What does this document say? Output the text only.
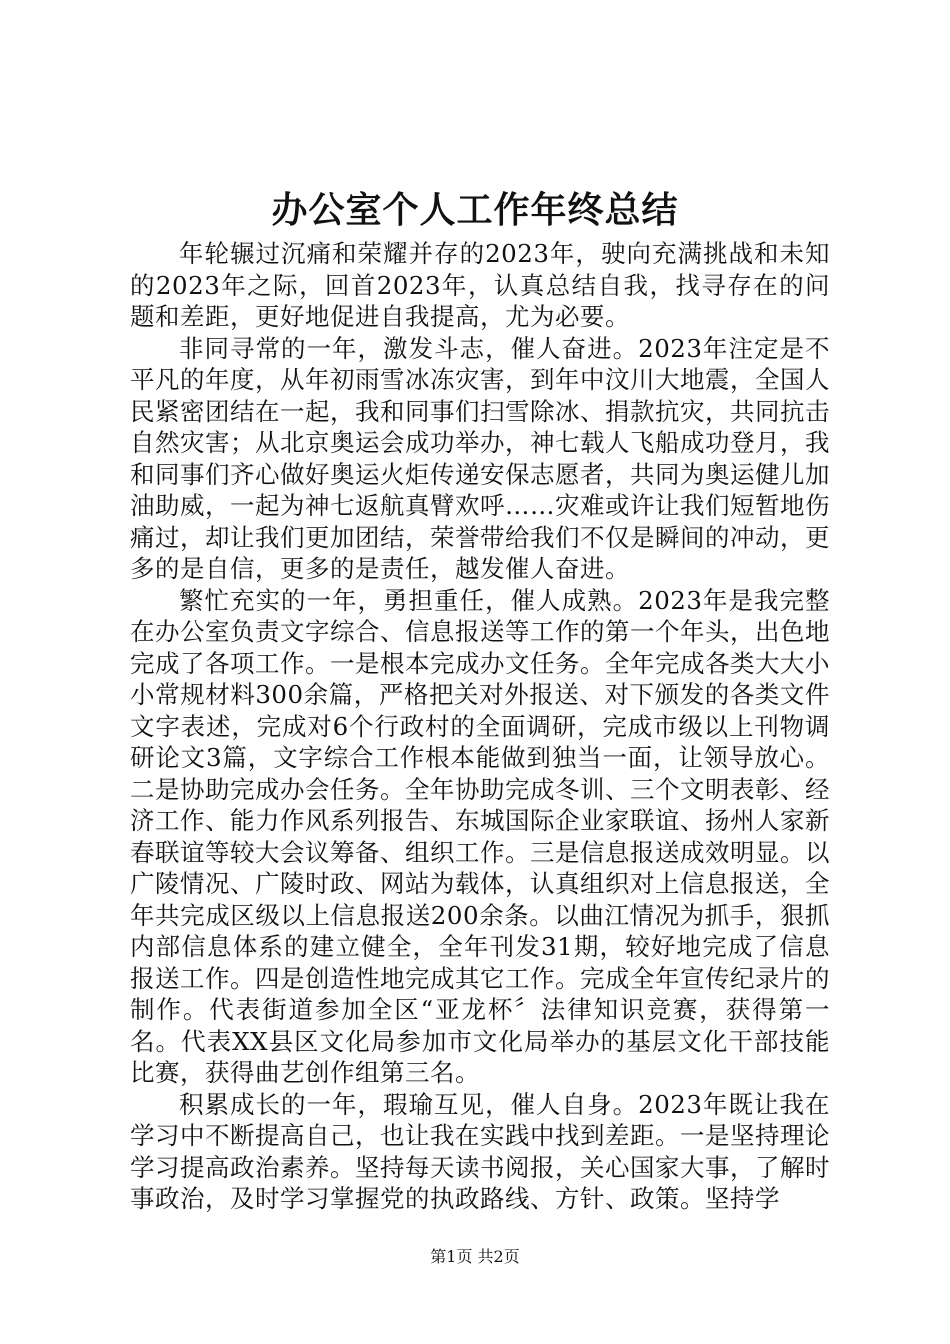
办公室个人工作年终总结

年轮辗过沉痛和荣耀并存的2023年，驶向充满挑战和未知的2023年之际，回首2023年，认真总结自我，找寻存在的问题和差距，更好地促进自我提高，尤为必要。

非同寻常的一年，激发斗志，催人奋进。2023年注定是不平凡的年度，从年初雨雪冰冻灾害，到年中汶川大地震，全国人民紧密团结在一起，我和同事们扫雪除冰、捐款抗灾，共同抗击自然灾害；从北京奥运会成功举办，神七载人飞船成功登月，我和同事们齐心做好奥运火炬传递安保志愿者，共同为奥运健儿加油助威，一起为神七返航真臂欢呼……灾难或许让我们短暂地伤痛过，却让我们更加团结，荣誉带给我们不仅是瞬间的冲动，更多的是自信，更多的是责任，越发催人奋进。

繁忙充实的一年，勇担重任，催人成熟。2023年是我完整在办公室负责文字综合、信息报送等工作的第一个年头，出色地完成了各项工作。一是根本完成办文任务。全年完成各类大大小小常规材料300余篇，严格把关对外报送、对下颁发的各类文件文字表述，完成对6个行政村的全面调研，完成市级以上刊物调研论文3篇，文字综合工作根本能做到独当一面，让领导放心。二是协助完成办会任务。全年协助完成冬训、三个文明表彰、经济工作、能力作风系列报告、东城国际企业家联谊、扬州人家新春联谊等较大会议筹备、组织工作。三是信息报送成效明显。以广陵情况、广陵时政、网站为载体，认真组织对上信息报送，全年共完成区级以上信息报送200余条。以曲江情况为抓手，狠抓内部信息体系的建立健全，全年刊发31期，较好地完成了信息报送工作。四是创造性地完成其它工作。完成全年宣传纪录片的制作。代表街道参加全区“亚龙杯〞法律知识竞赛，获得第一名。代表XX县区文化局参加市文化局举办的基层文化干部技能比赛，获得曲艺创作组第三名。

积累成长的一年，瑕瑜互见，催人自身。2023年既让我在学习中不断提高自己，也让我在实践中找到差距。一是坚持理论学习提高政治素养。坚持每天读书阅报，关心国家大事，了解时事政治，及时学习掌握党的执政路线、方针、政策。坚持学

第1页 共2页
